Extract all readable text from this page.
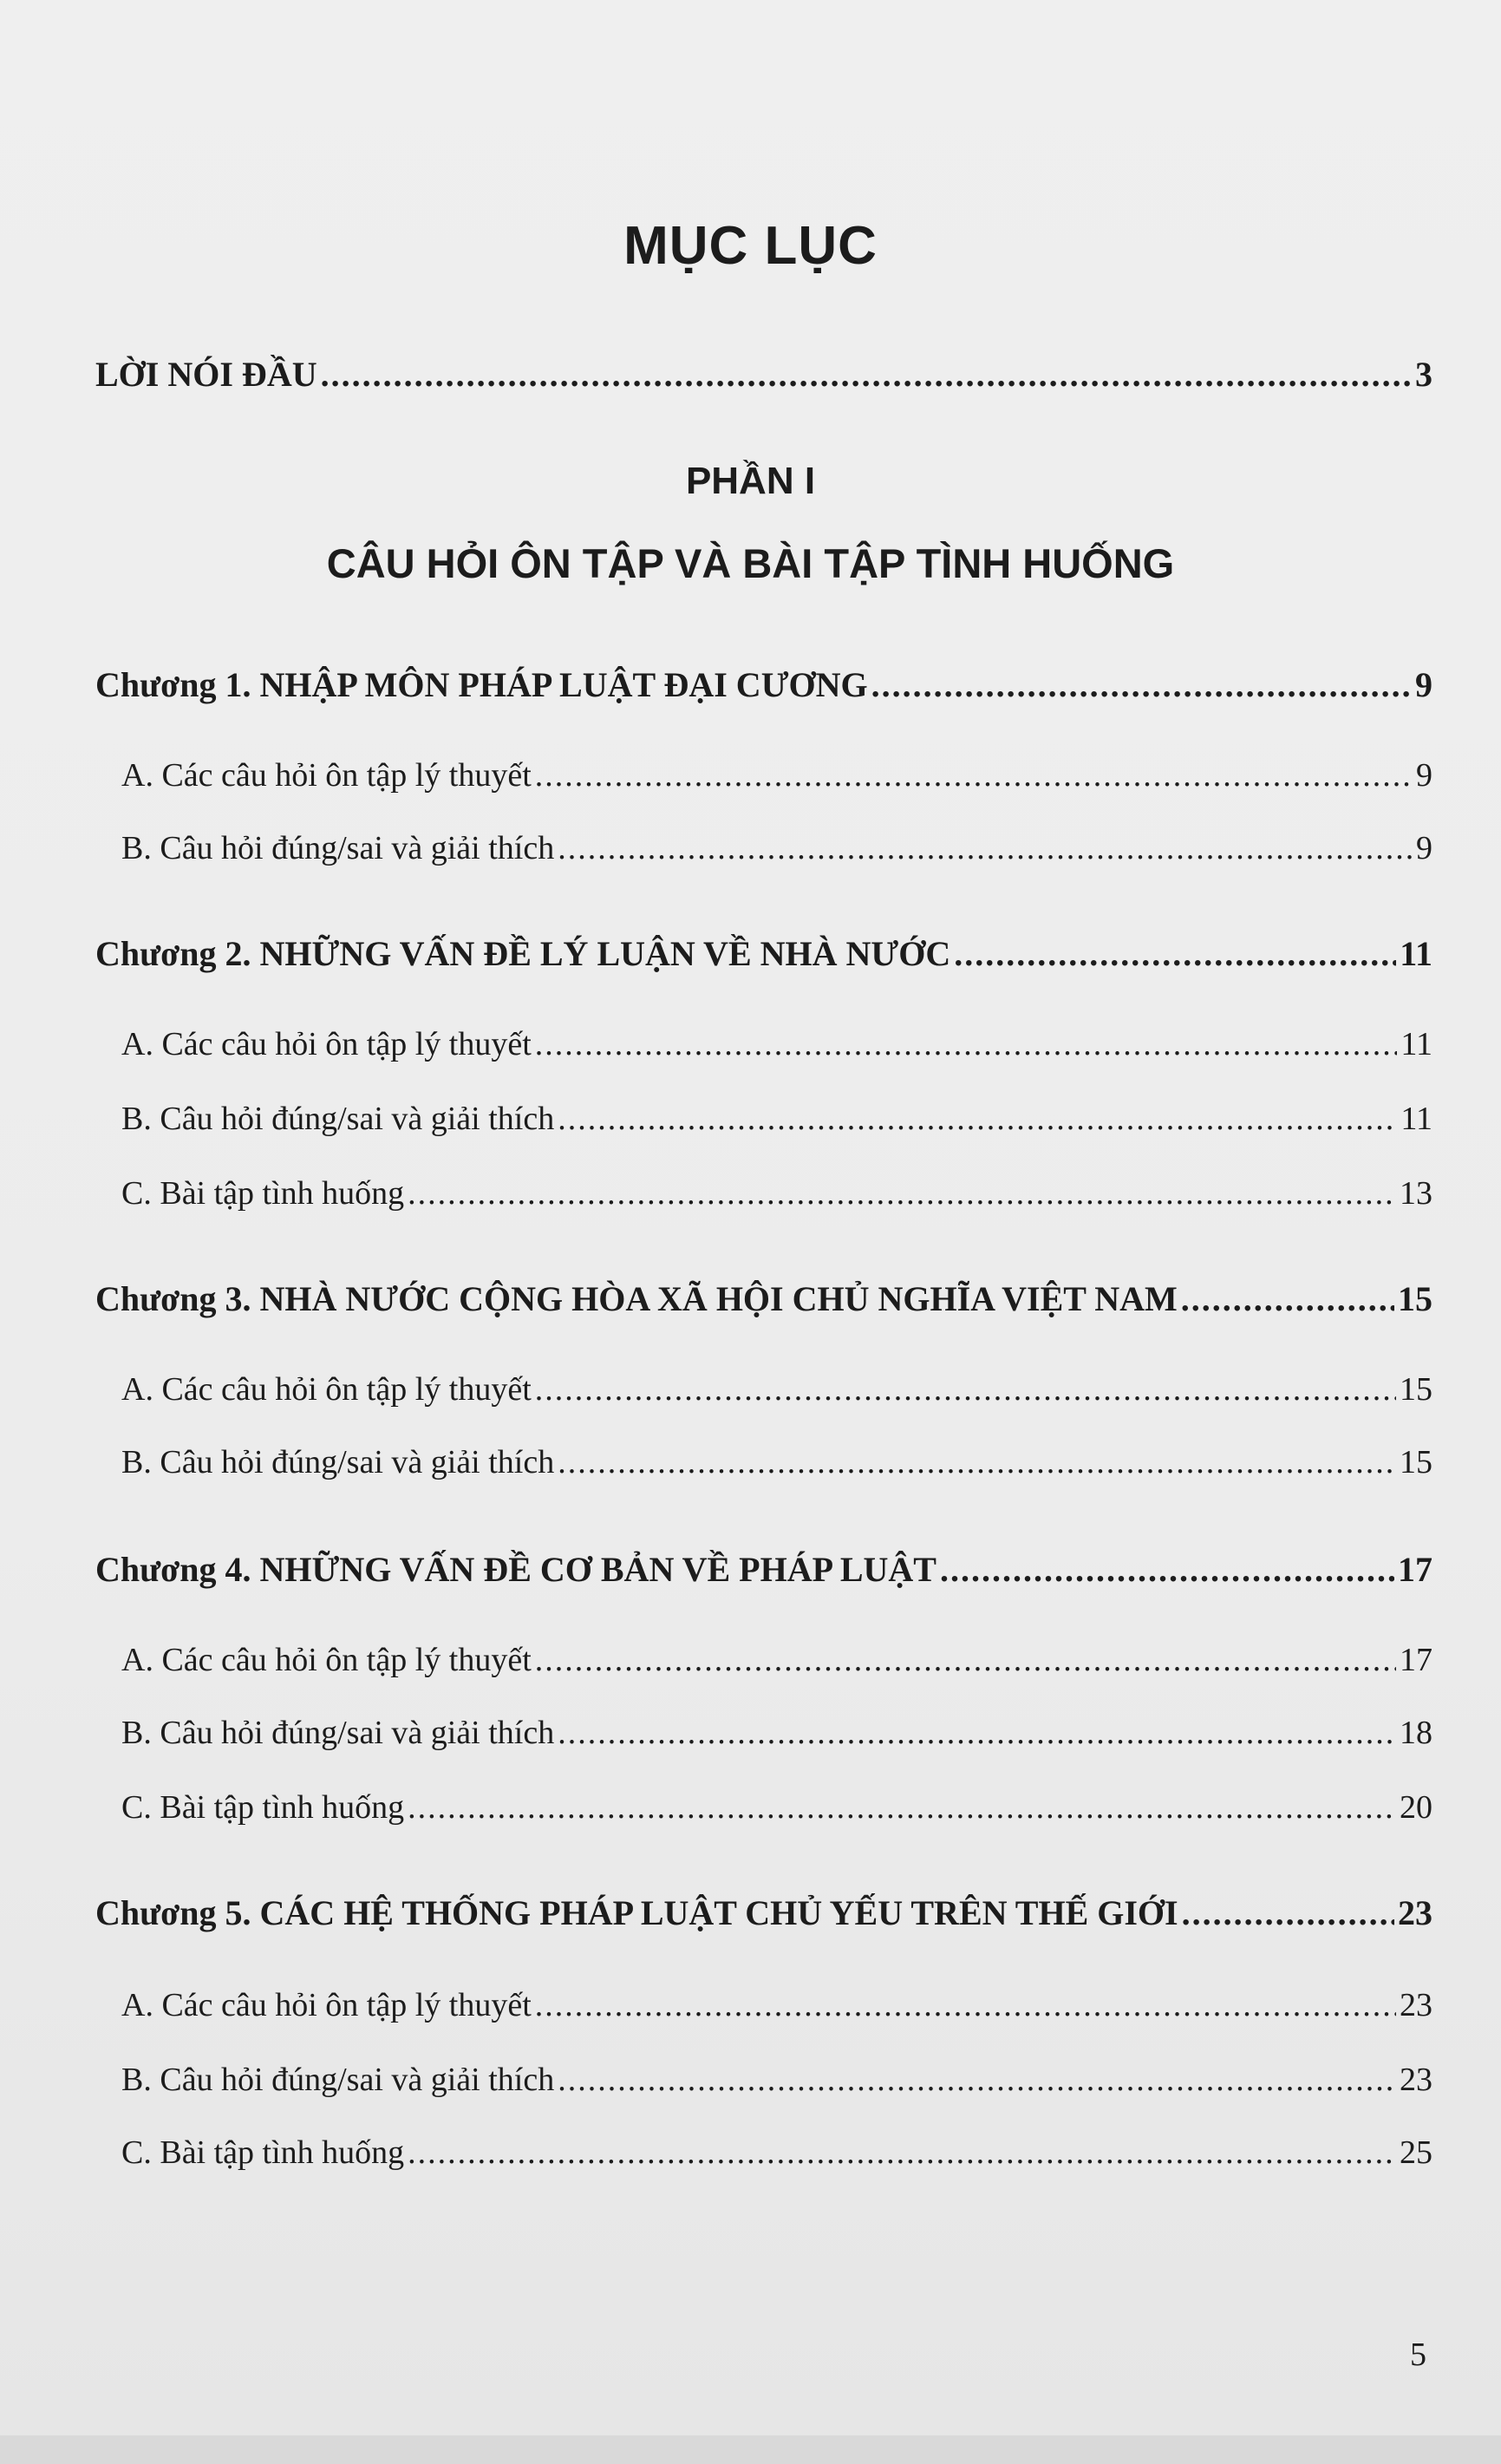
MỤC LỤC
LỜI NÓI ĐẦU .....	3
PHẦN I
CÂU HỎI ÔN TẬP VÀ BÀI TẬP TÌNH HUỐNG
Chương 1. NHẬP MÔN PHÁP LUẬT ĐẠI CƯƠNG .....	9
A. Các câu hỏi ôn tập lý thuyết .....	9
B. Câu hỏi đúng/sai và giải thích .....	9
Chương 2. NHỮNG VẤN ĐỀ LÝ LUẬN VỀ NHÀ NƯỚC .....	11
A. Các câu hỏi ôn tập lý thuyết .....	11
B. Câu hỏi đúng/sai và giải thích .....	11
C. Bài tập tình huống .....	13
Chương 3. NHÀ NƯỚC CỘNG HÒA XÃ HỘI CHỦ NGHĨA VIỆT NAM .....	15
A. Các câu hỏi ôn tập lý thuyết .....	15
B. Câu hỏi đúng/sai và giải thích .....	15
Chương 4. NHỮNG VẤN ĐỀ CƠ BẢN VỀ PHÁP LUẬT .....	17
A. Các câu hỏi ôn tập lý thuyết .....	17
B. Câu hỏi đúng/sai và giải thích .....	18
C. Bài tập tình huống .....	20
Chương 5. CÁC HỆ THỐNG PHÁP LUẬT CHỦ YẾU TRÊN THẾ GIỚI .....	23
A. Các câu hỏi ôn tập lý thuyết .....	23
B. Câu hỏi đúng/sai và giải thích .....	23
C. Bài tập tình huống .....	25
5
